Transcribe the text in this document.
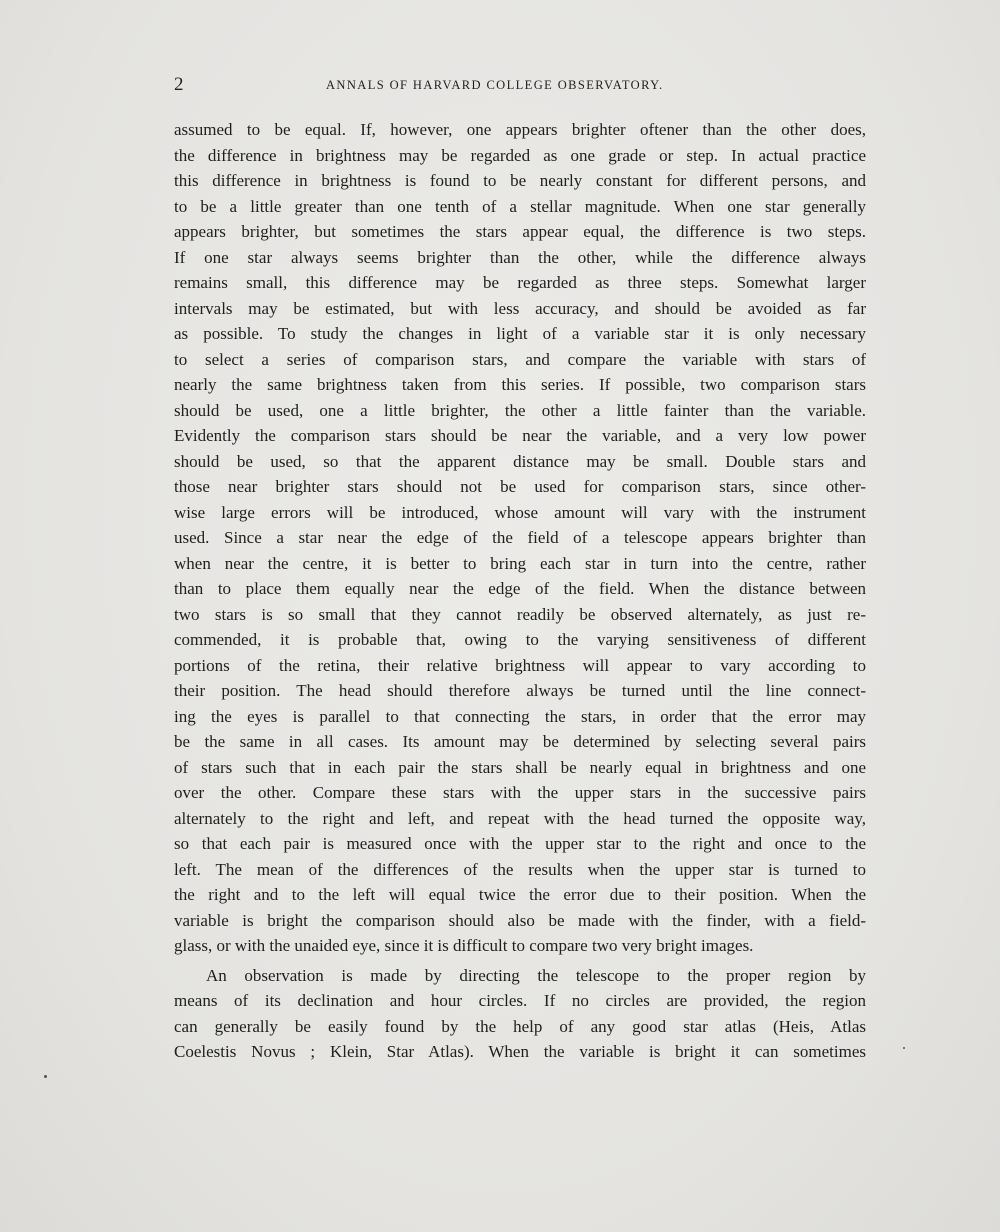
2	ANNALS OF HARVARD COLLEGE OBSERVATORY.
assumed to be equal. If, however, one appears brighter oftener than the other does,
the difference in brightness may be regarded as one grade or step. In actual practice
this difference in brightness is found to be nearly constant for different persons, and
to be a little greater than one tenth of a stellar magnitude. When one star generally
appears brighter, but sometimes the stars appear equal, the difference is two steps.
If one star always seems brighter than the other, while the difference always
remains small, this difference may be regarded as three steps. Somewhat larger
intervals may be estimated, but with less accuracy, and should be avoided as far
as possible. To study the changes in light of a variable star it is only necessary
to select a series of comparison stars, and compare the variable with stars of
nearly the same brightness taken from this series. If possible, two comparison stars
should be used, one a little brighter, the other a little fainter than the variable.
Evidently the comparison stars should be near the variable, and a very low power
should be used, so that the apparent distance may be small. Double stars and
those near brighter stars should not be used for comparison stars, since other-
wise large errors will be introduced, whose amount will vary with the instrument
used. Since a star near the edge of the field of a telescope appears brighter than
when near the centre, it is better to bring each star in turn into the centre, rather
than to place them equally near the edge of the field. When the distance between
two stars is so small that they cannot readily be observed alternately, as just re-
commended, it is probable that, owing to the varying sensitiveness of different
portions of the retina, their relative brightness will appear to vary according to
their position. The head should therefore always be turned until the line connect-
ing the eyes is parallel to that connecting the stars, in order that the error may
be the same in all cases. Its amount may be determined by selecting several pairs
of stars such that in each pair the stars shall be nearly equal in brightness and one
over the other. Compare these stars with the upper stars in the successive pairs
alternately to the right and left, and repeat with the head turned the opposite way,
so that each pair is measured once with the upper star to the right and once to the
left. The mean of the differences of the results when the upper star is turned to
the right and to the left will equal twice the error due to their position. When the
variable is bright the comparison should also be made with the finder, with a field-
glass, or with the unaided eye, since it is difficult to compare two very bright images.
An observation is made by directing the telescope to the proper region by
means of its declination and hour circles. If no circles are provided, the region
can generally be easily found by the help of any good star atlas (Heis, Atlas
Coelestis Novus ; Klein, Star Atlas). When the variable is bright it can sometimes
